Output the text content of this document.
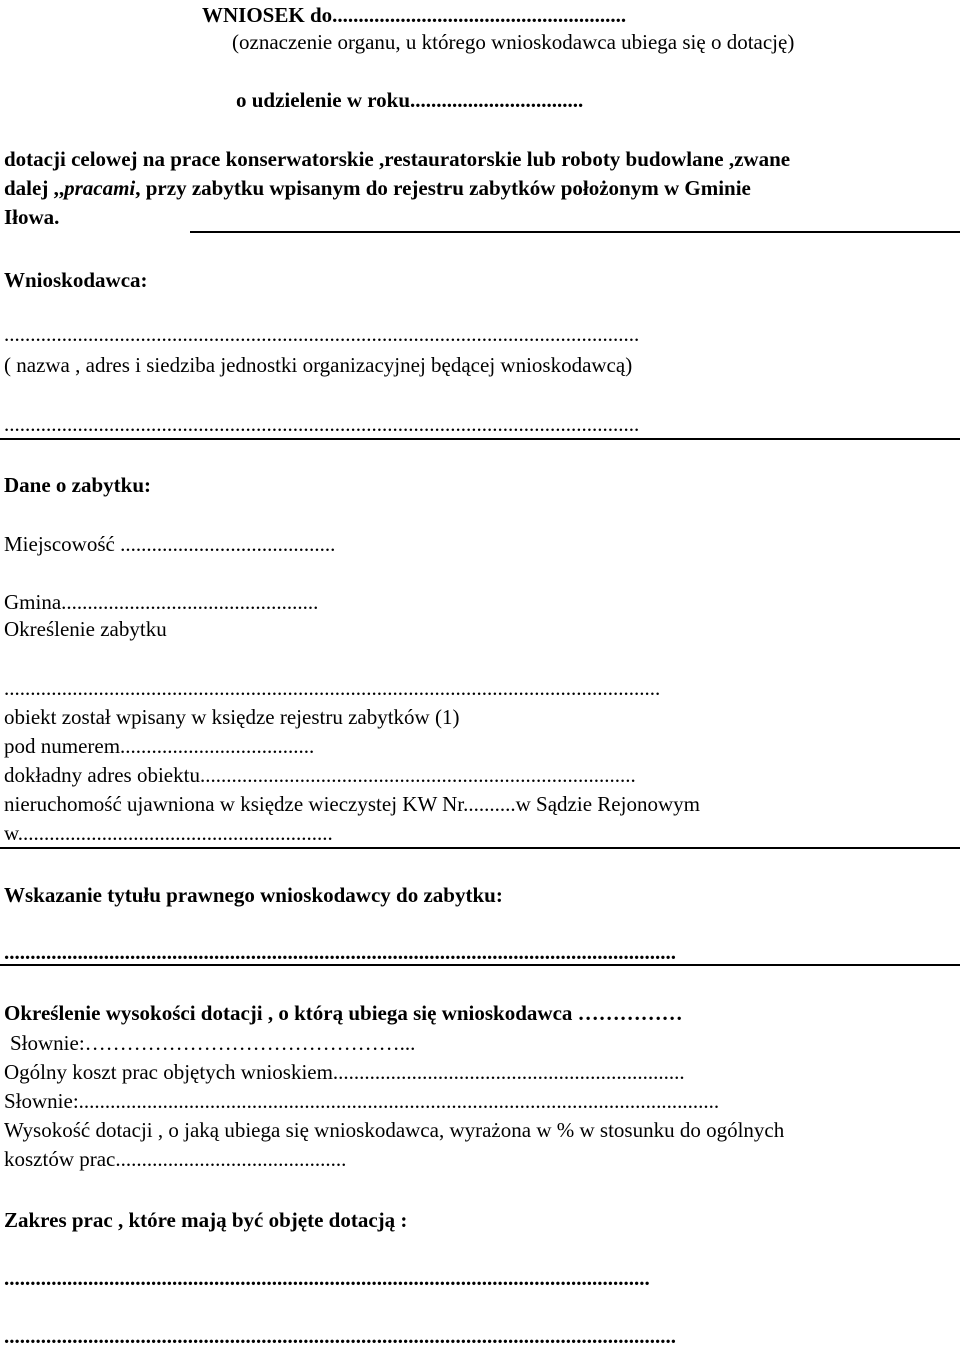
WNIOSEK do........................................................
(oznaczenie organu, u którego wnioskodawca ubiega się o dotację)
o udzielenie w roku.................................
dotacji celowej na prace konserwatorskie ,restauratorskie lub roboty budowlane ,zwane
dalej ,,pracami, przy zabytku wpisanym do rejestru zabytków położonym w Gminie
Iłowa.
Wnioskodawca:
.........................................................................................................................
( nazwa , adres i siedziba jednostki organizacyjnej będącej wnioskodawcą)
.........................................................................................................................
Dane o zabytku:
Miejscowość .........................................
Gmina.................................................
Określenie zabytku
.............................................................................................................................
obiekt został wpisany w księdze rejestru zabytków (1)
pod numerem.....................................
dokładny adres obiektu...................................................................................
nieruchomość ujawniona w księdze wieczystej KW Nr..........w Sądzie Rejonowym
w............................................................
Wskazanie tytułu prawnego wnioskodawcy do zabytku:
................................................................................................................................
Określenie wysokości dotacji , o którą ubiega się wnioskodawca ……………
Słownie:………………………………………...
Ogólny koszt prac objętych wnioskiem...................................................................
Słownie:..........................................................................................................................
Wysokość dotacji , o jaką ubiega się wnioskodawca, wyrażona w % w stosunku do ogólnych
kosztów prac............................................
Zakres prac , które mają być objęte dotacją :
...........................................................................................................................
................................................................................................................................
